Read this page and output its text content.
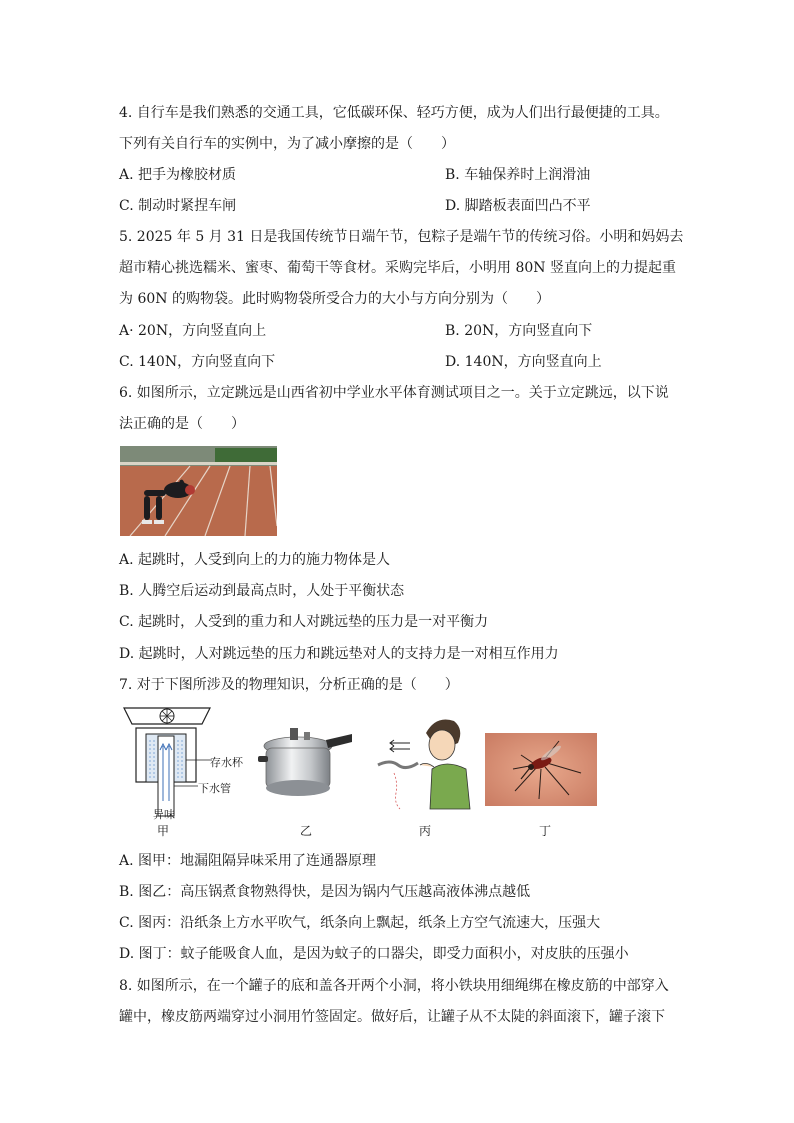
4. 自行车是我们熟悉的交通工具，它低碳环保、轻巧方便，成为人们出行最便捷的工具。
下列有关自行车的实例中，为了减小摩擦的是（　　）
A. 把手为橡胶材质	B. 车轴保养时上润滑油
C. 制动时紧捏车闸	D. 脚踏板表面凹凸不平
5. 2025 年 5 月 31 日是我国传统节日端午节，包粽子是端午节的传统习俗。小明和妈妈去
超市精心挑选糯米、蜜枣、葡萄干等食材。采购完毕后，小明用 80N 竖直向上的力提起重
为 60N 的购物袋。此时购物袋所受合力的大小与方向分别为（　　）
A· 20N，方向竖直向上	B. 20N，方向竖直向下
C. 140N，方向竖直向下	D. 140N，方向竖直向上
6. 如图所示，立定跳远是山西省初中学业水平体育测试项目之一。关于立定跳远，以下说
法正确的是（　　）
A. 起跳时，人受到向上的力的施力物体是人
B. 人腾空后运动到最高点时，人处于平衡状态
C. 起跳时，人受到的重力和人对跳远垫的压力是一对平衡力
D. 起跳时，人对跳远垫的压力和跳远垫对人的支持力是一对相互作用力
7. 对于下图所涉及的物理知识，分析正确的是（　　）
存水杯
下水管
异味
甲	乙	丙	丁
A. 图甲：地漏阻隔异味采用了连通器原理
B. 图乙：高压锅煮食物熟得快，是因为锅内气压越高液体沸点越低
C. 图丙：沿纸条上方水平吹气，纸条向上飘起，纸条上方空气流速大，压强大
D. 图丁：蚊子能吸食人血，是因为蚊子的口器尖，即受力面积小，对皮肤的压强小
8. 如图所示，在一个罐子的底和盖各开两个小洞，将小铁块用细绳绑在橡皮筋的中部穿入
罐中，橡皮筋两端穿过小洞用竹签固定。做好后，让罐子从不太陡的斜面滚下，罐子滚下
